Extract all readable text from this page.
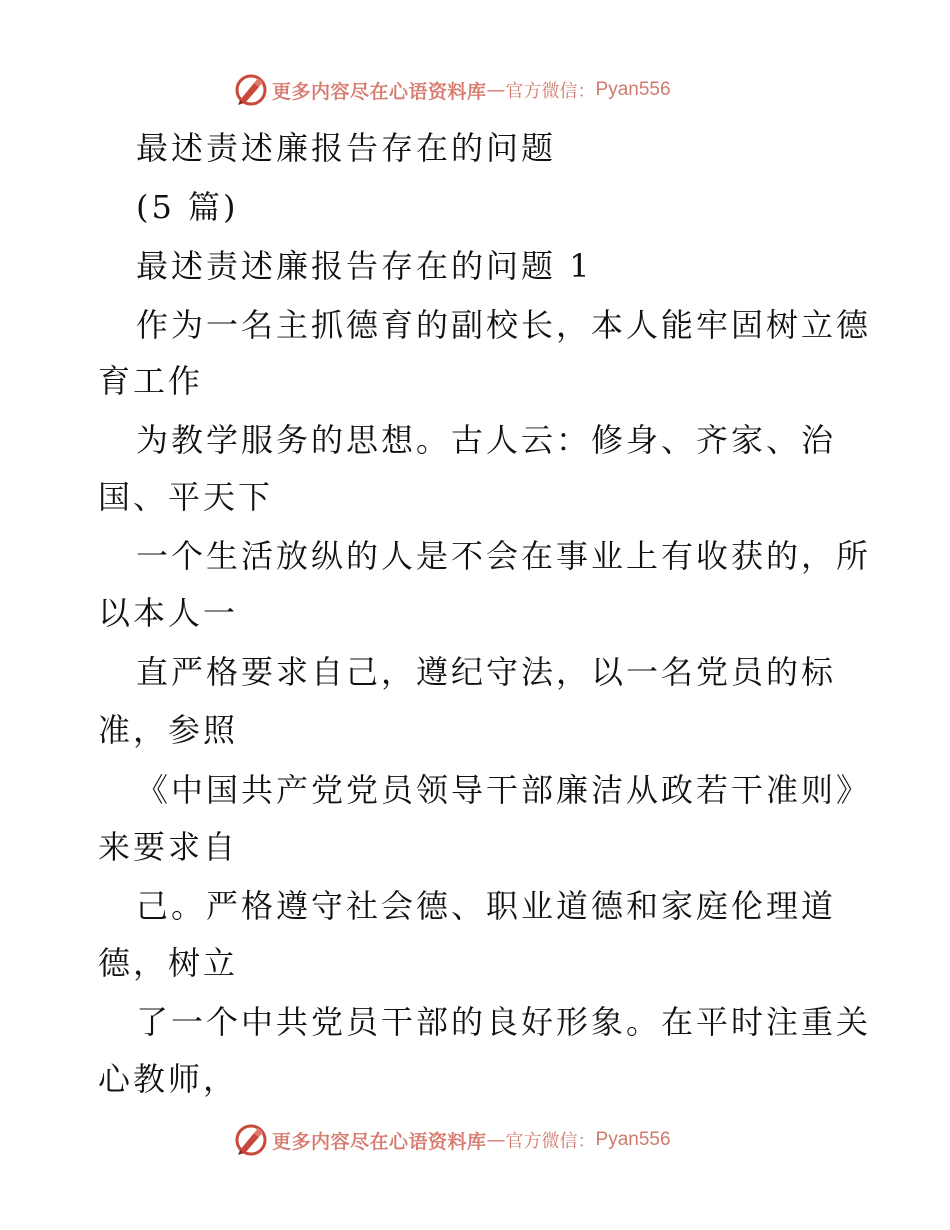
更多内容尽在心语资料库 — 官方微信： Pyan556
最述责述廉报告存在的问题
(5 篇)
最述责述廉报告存在的问题 1
作为一名主抓德育的副校长，本人能牢固树立德
育工作
为教学服务的思想。古人云：修身、齐家、治
国、平天下
一个生活放纵的人是不会在事业上有收获的，所
以本人一
直严格要求自己，遵纪守法，以一名党员的标
准，参照
《中国共产党党员领导干部廉洁从政若干准则》
来要求自
己。严格遵守社会德、职业道德和家庭伦理道
德，树立
了一个中共党员干部的良好形象。在平时注重关
心教师，
更多内容尽在心语资料库 — 官方微信： Pyan556
